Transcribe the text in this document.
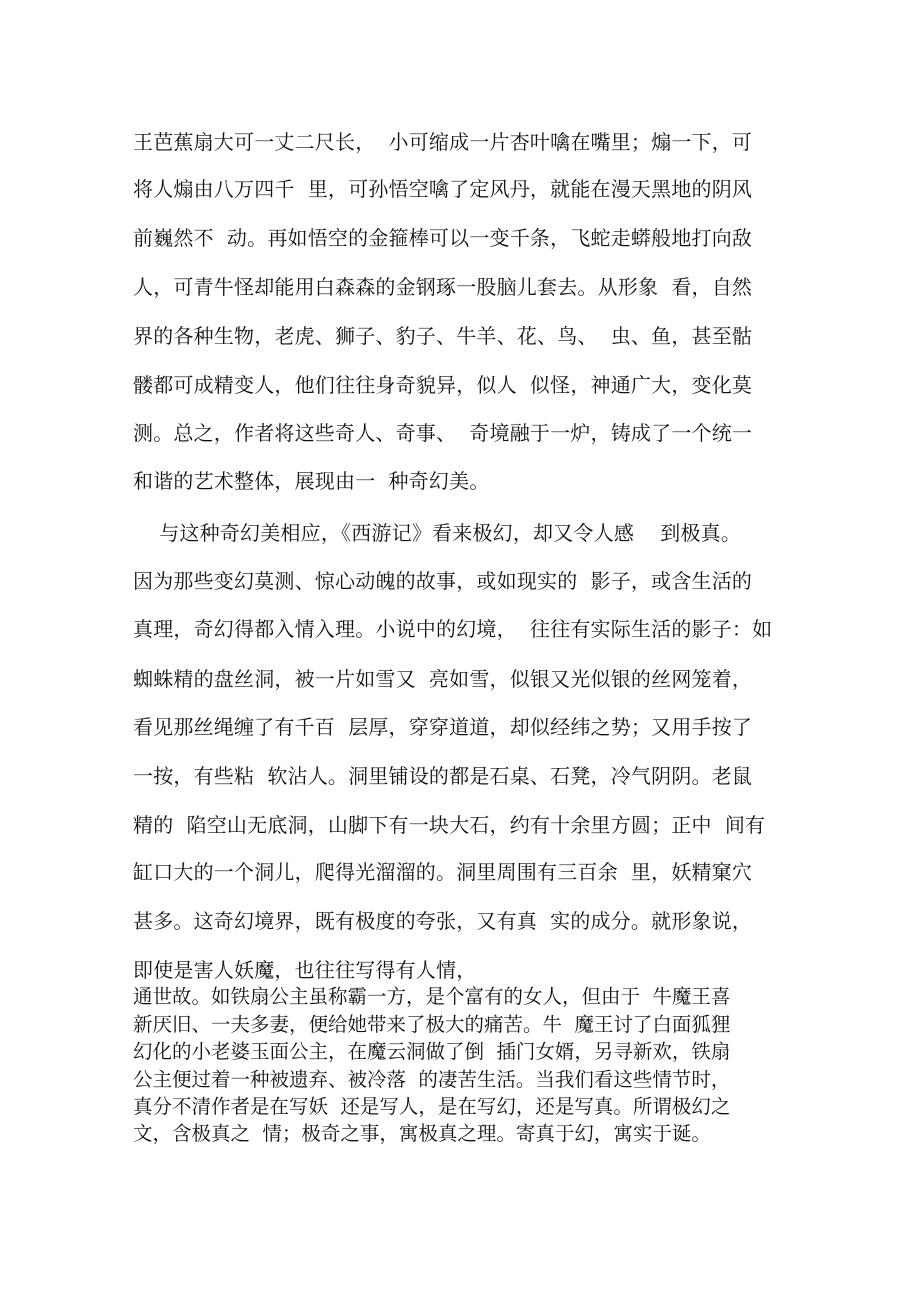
王芭蕉扇大可一丈二尺长，  小可缩成一片杏叶噙在嘴里；煽一下，可
将人煽由八万四千  里，可孙悟空噙了定风丹，就能在漫天黑地的阴风
前巍然不  动。再如悟空的金箍棒可以一变千条，飞蛇走蟒般地打向敌
人，可青牛怪却能用白森森的金钢琢一股脑儿套去。从形象  看，自然
界的各种生物，老虎、狮子、豹子、牛羊、花、鸟、  虫、鱼，甚至骷
髅都可成精变人，他们往往身奇貌异，似人  似怪，神通广大，变化莫
测。总之，作者将这些奇人、奇事、  奇境融于一炉，铸成了一个统一
和谐的艺术整体，展现由一  种奇幻美。
与这种奇幻美相应，《西游记》看来极幻，却又令人感    到极真。
因为那些变幻莫测、惊心动魄的故事，或如现实的  影子，或含生活的
真理，奇幻得都入情入理。小说中的幻境，  往往有实际生活的影子：如
蜘蛛精的盘丝洞，被一片如雪又  亮如雪，似银又光似银的丝网笼着，
看见那丝绳缠了有千百  层厚，穿穿道道，却似经纬之势；又用手按了
一按，有些粘  软沾人。洞里铺设的都是石桌、石凳，冷气阴阴。老鼠
精的  陷空山无底洞，山脚下有一块大石，约有十余里方圆；正中  间有
缸口大的一个洞儿，爬得光溜溜的。洞里周围有三百余  里，妖精窠穴
甚多。这奇幻境界，既有极度的夸张，又有真  实的成分。就形象说，
即使是害人妖魔，也往往写得有人情，
通世故。如铁扇公主虽称霸一方，是个富有的女人，但由于  牛魔王喜
新厌旧、一夫多妻，便给她带来了极大的痛苦。牛  魔王讨了白面狐狸
幻化的小老婆玉面公主，在魔云洞做了倒  插门女婿，另寻新欢，铁扇
公主便过着一种被遗弃、被冷落  的凄苦生活。当我们看这些情节时，
真分不清作者是在写妖  还是写人，是在写幻，还是写真。所谓极幻之
文，含极真之  情；极奇之事，寓极真之理。寄真于幻，寓实于诞。
